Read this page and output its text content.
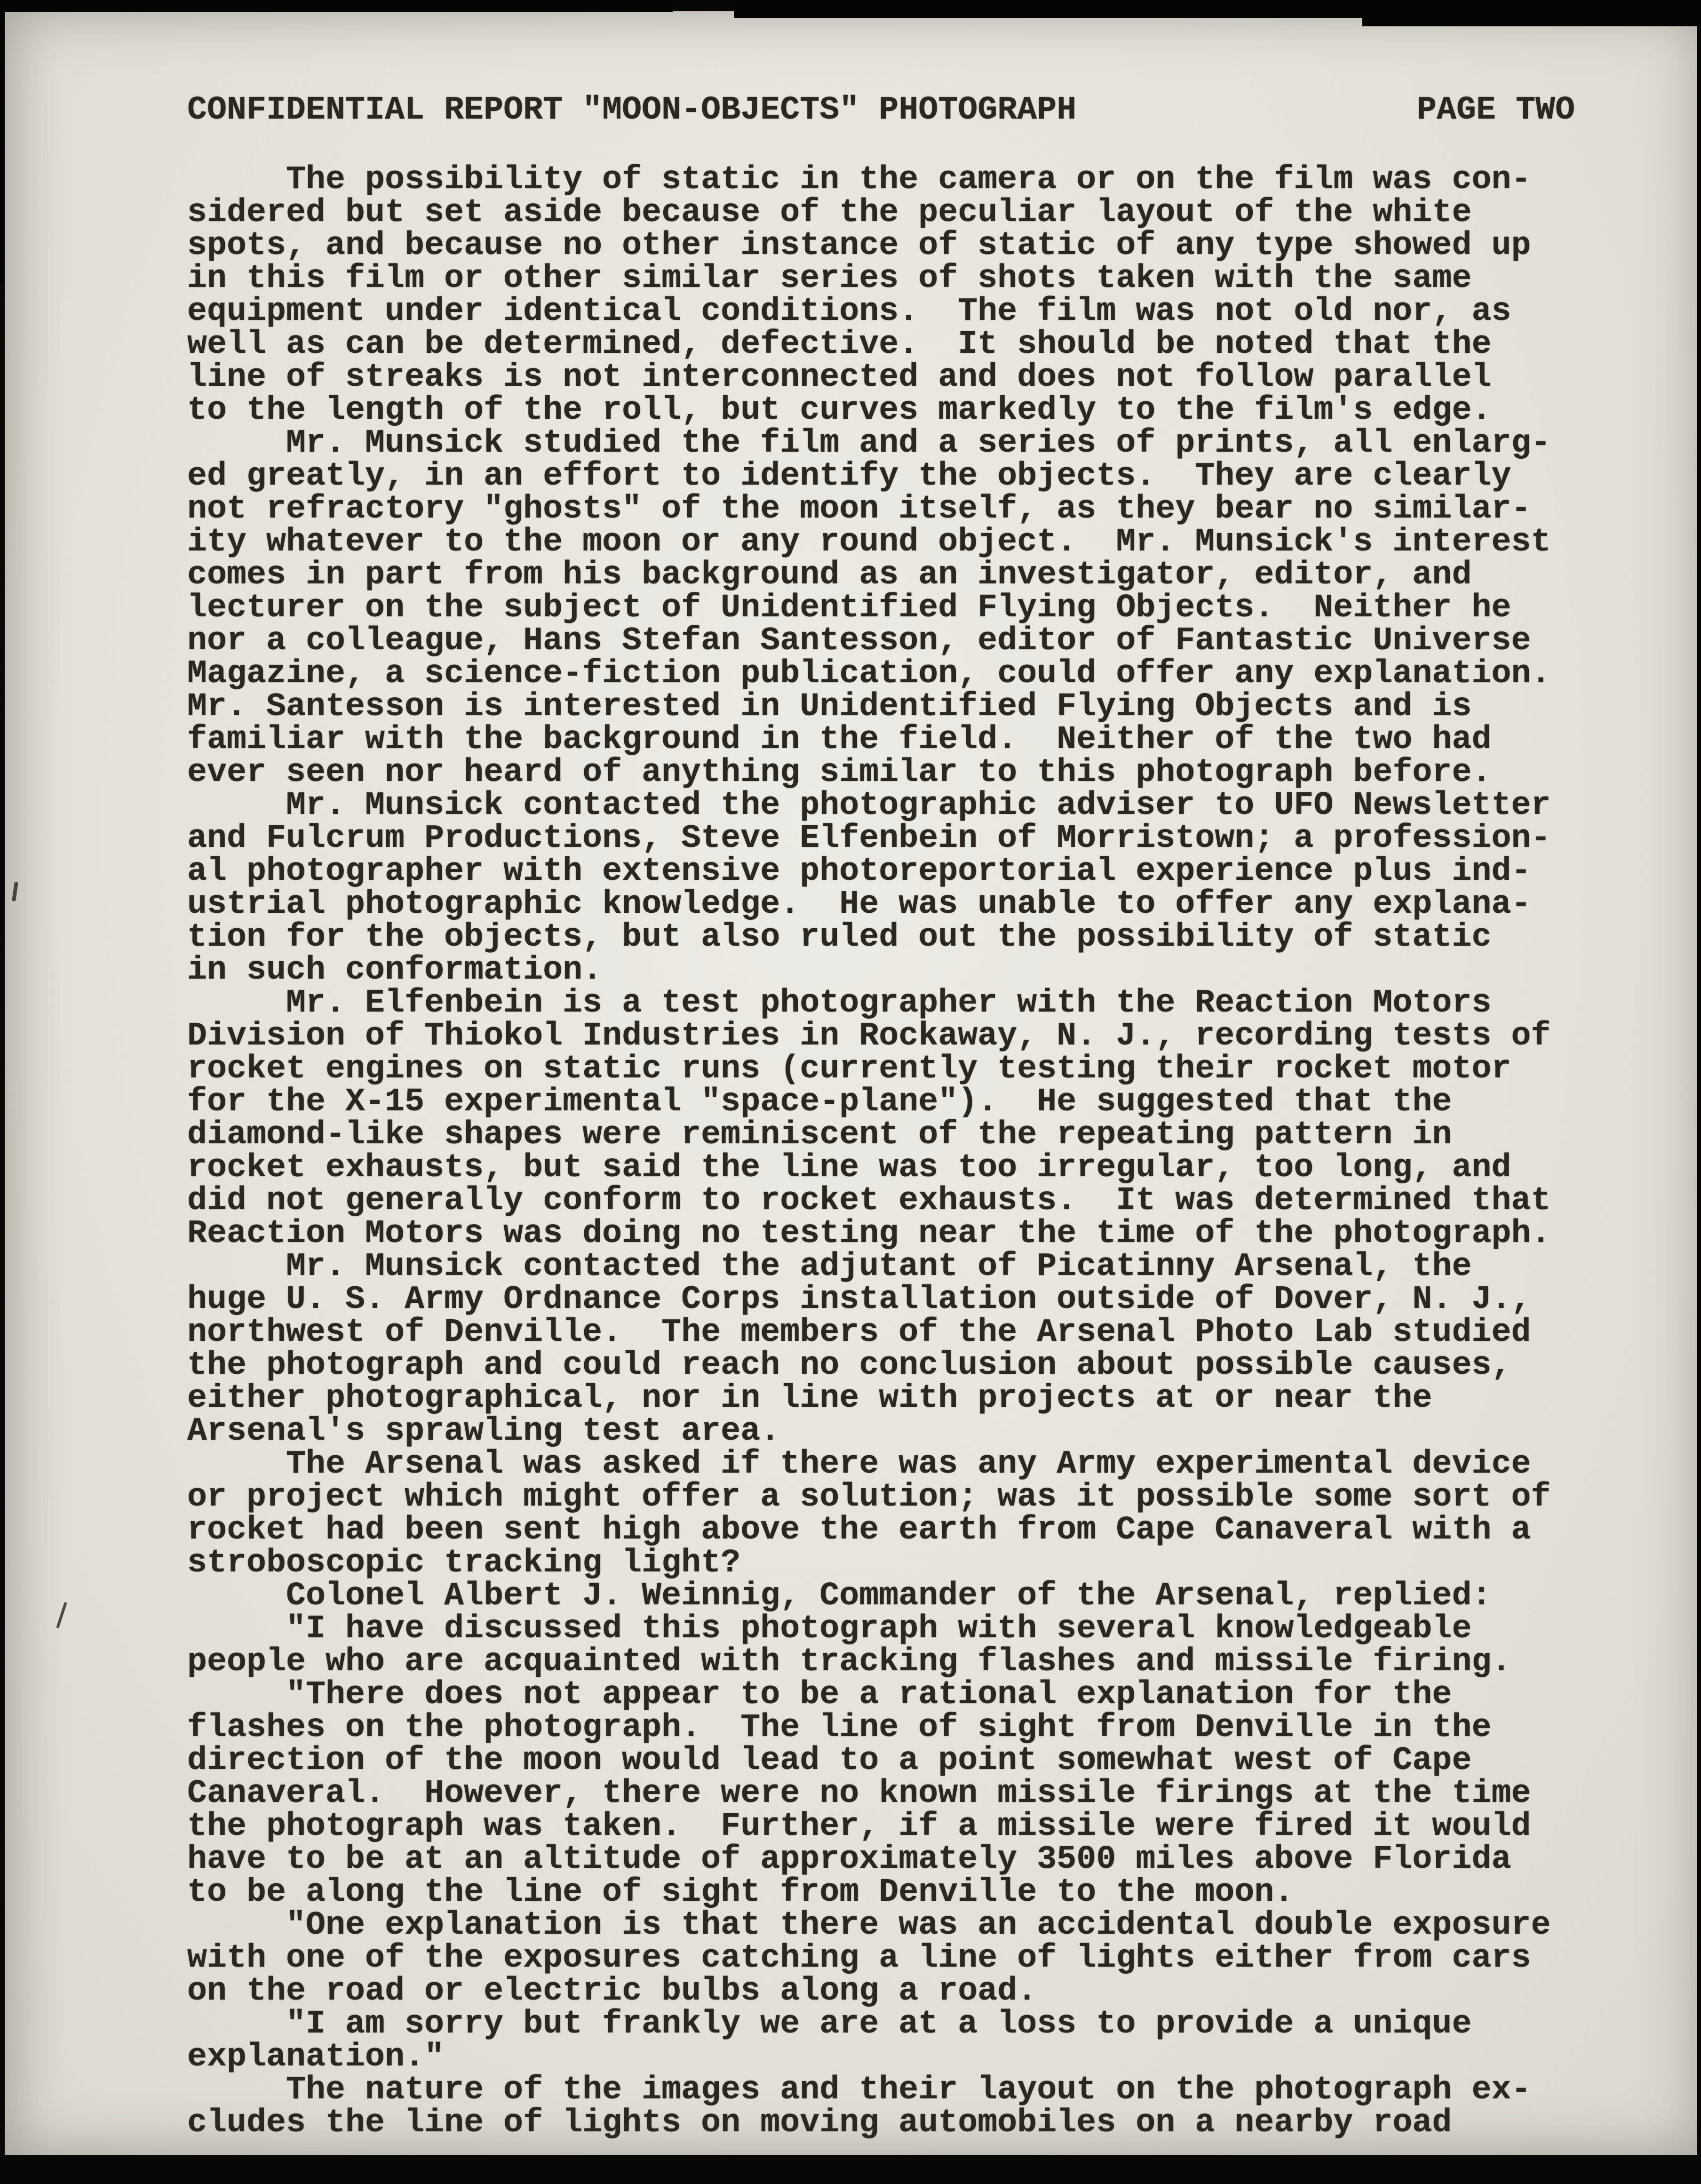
CONFIDENTIAL REPORT "MOON-OBJECTS" PHOTOGRAPH	PAGE TWO
The possibility of static in the camera or on the film was con-
sidered but set aside because of the peculiar layout of the white
spots, and because no other instance of static of any type showed up
in this film or other similar series of shots taken with the same
equipment under identical conditions.  The film was not old nor, as
well as can be determined, defective.  It should be noted that the
line of streaks is not interconnected and does not follow parallel
to the length of the roll, but curves markedly to the film's edge.
Mr. Munsick studied the film and a series of prints, all enlarg-
ed greatly, in an effort to identify the objects.  They are clearly
not refractory "ghosts" of the moon itself, as they bear no similar-
ity whatever to the moon or any round object.  Mr. Munsick's interest
comes in part from his background as an investigator, editor, and
lecturer on the subject of Unidentified Flying Objects.  Neither he
nor a colleague, Hans Stefan Santesson, editor of Fantastic Universe
Magazine, a science-fiction publication, could offer any explanation.
Mr. Santesson is interested in Unidentified Flying Objects and is
familiar with the background in the field.  Neither of the two had
ever seen nor heard of anything similar to this photograph before.
Mr. Munsick contacted the photographic adviser to UFO Newsletter
and Fulcrum Productions, Steve Elfenbein of Morristown; a profession-
al photographer with extensive photoreportorial experience plus ind-
ustrial photographic knowledge.  He was unable to offer any explana-
tion for the objects, but also ruled out the possibility of static
in such conformation.
Mr. Elfenbein is a test photographer with the Reaction Motors
Division of Thiokol Industries in Rockaway, N. J., recording tests of
rocket engines on static runs (currently testing their rocket motor
for the X-15 experimental "space-plane").  He suggested that the
diamond-like shapes were reminiscent of the repeating pattern in
rocket exhausts, but said the line was too irregular, too long, and
did not generally conform to rocket exhausts.  It was determined that
Reaction Motors was doing no testing near the time of the photograph.
Mr. Munsick contacted the adjutant of Picatinny Arsenal, the
huge U. S. Army Ordnance Corps installation outside of Dover, N. J.,
northwest of Denville.  The members of the Arsenal Photo Lab studied
the photograph and could reach no conclusion about possible causes,
either photographical, nor in line with projects at or near the
Arsenal's sprawling test area.
The Arsenal was asked if there was any Army experimental device
or project which might offer a solution; was it possible some sort of
rocket had been sent high above the earth from Cape Canaveral with a
stroboscopic tracking light?
Colonel Albert J. Weinnig, Commander of the Arsenal, replied:
"I have discussed this photograph with several knowledgeable
people who are acquainted with tracking flashes and missile firing.
"There does not appear to be a rational explanation for the
flashes on the photograph.  The line of sight from Denville in the
direction of the moon would lead to a point somewhat west of Cape
Canaveral.  However, there were no known missile firings at the time
the photograph was taken.  Further, if a missile were fired it would
have to be at an altitude of approximately 3500 miles above Florida
to be along the line of sight from Denville to the moon.
"One explanation is that there was an accidental double exposure
with one of the exposures catching a line of lights either from cars
on the road or electric bulbs along a road.
"I am sorry but frankly we are at a loss to provide a unique
explanation."
The nature of the images and their layout on the photograph ex-
cludes the line of lights on moving automobiles on a nearby road
